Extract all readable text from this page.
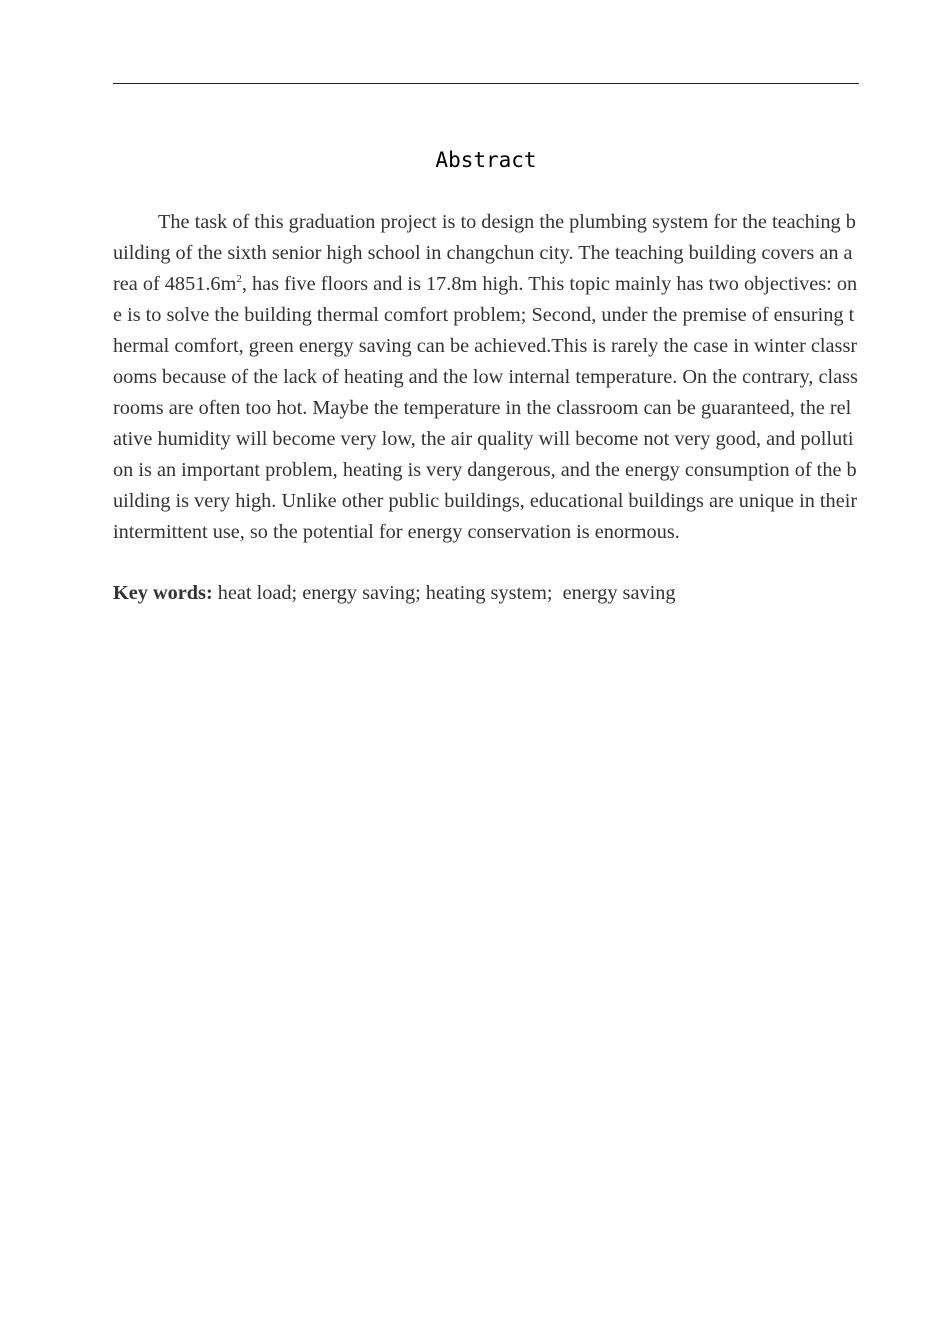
Abstract

The task of this graduation project is to design the plumbing system for the teaching building of the sixth senior high school in changchun city. The teaching building covers an area of $4851.6m^2$, has five floors and is 17.8m high. This topic mainly has two objectives: one is to solve the building thermal comfort problem; Second, under the premise of ensuring thermal comfort, green energy saving can be achieved.This is rarely the case in winter classrooms because of the lack of heating and the low internal temperature. On the contrary, classrooms are often too hot. Maybe the temperature in the classroom can be guaranteed, the relative humidity will become very low, the air quality will become not very good, and pollution is an important problem, heating is very dangerous, and the energy consumption of the building is very high. Unlike other public buildings, educational buildings are unique in their intermittent use, so the potential for energy conservation is enormous.

Key words: heat load; energy saving; heating system;  energy saving
